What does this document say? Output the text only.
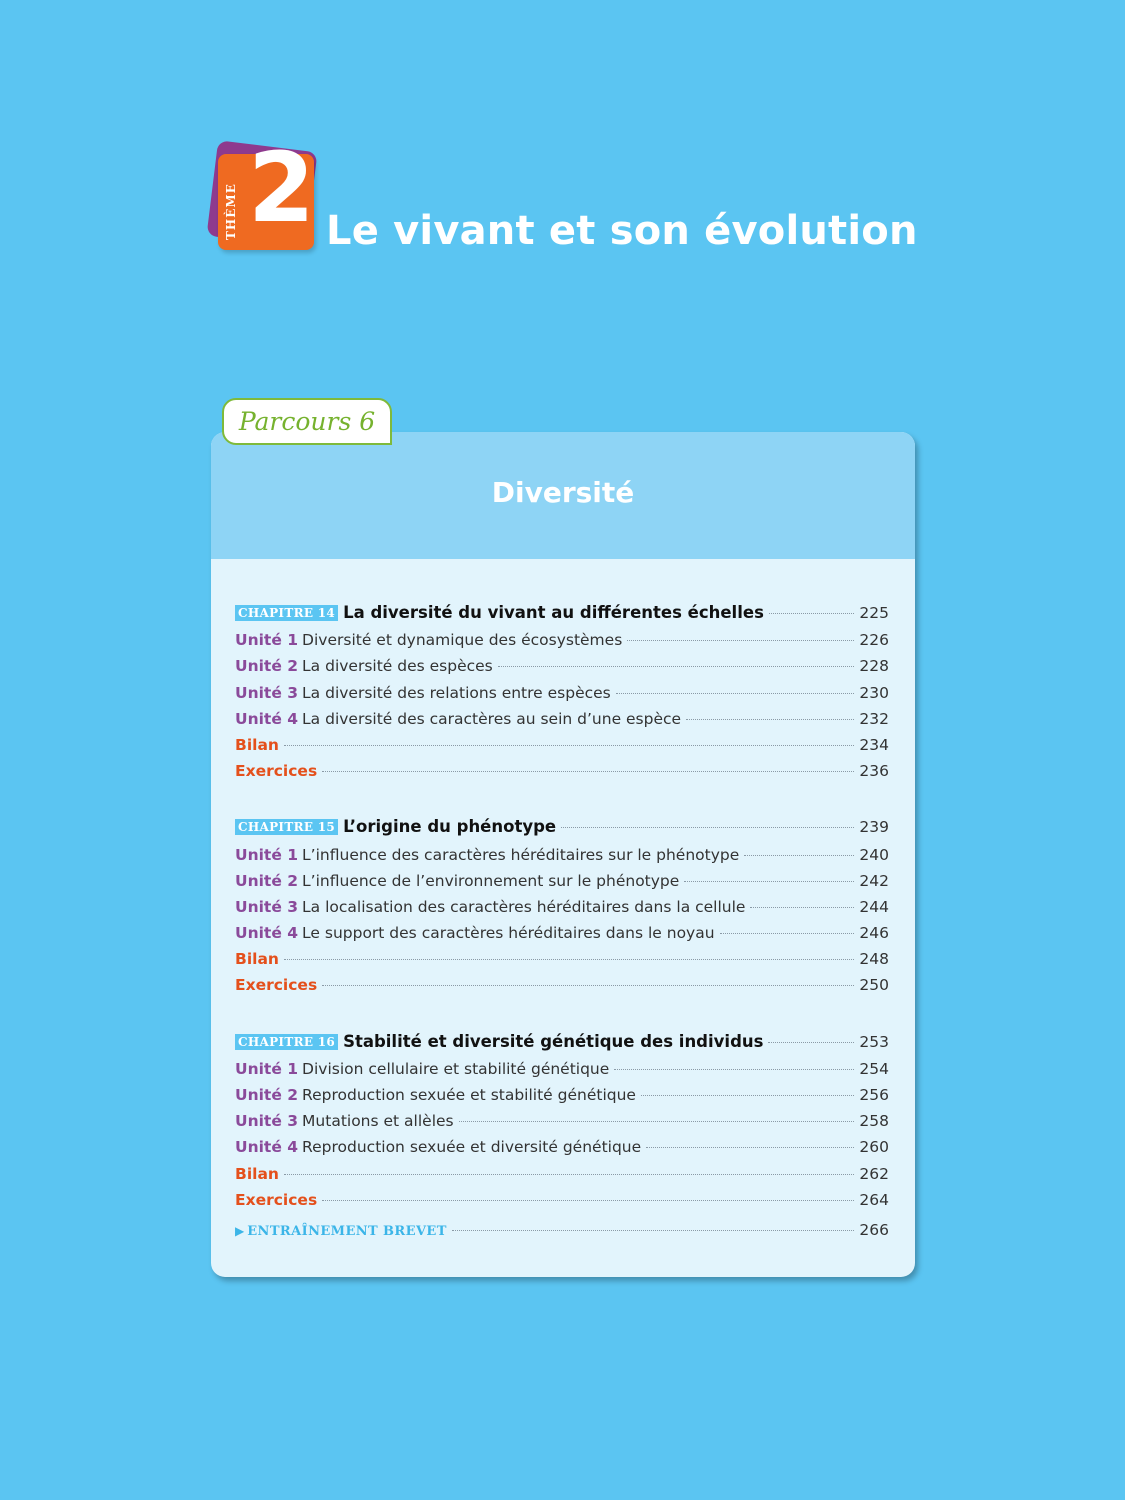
THÈME 2 Le vivant et son évolution
Parcours 6
Diversité
CHAPITRE 14 La diversité du vivant au différentes échelles	225
Unité 1 Diversité et dynamique des écosystèmes	226
Unité 2 La diversité des espèces	228
Unité 3 La diversité des relations entre espèces	230
Unité 4 La diversité des caractères au sein d’une espèce	232
Bilan	234
Exercices	236
CHAPITRE 15 L’origine du phénotype	239
Unité 1 L’influence des caractères héréditaires sur le phénotype	240
Unité 2 L’influence de l’environnement sur le phénotype	242
Unité 3 La localisation des caractères héréditaires dans la cellule	244
Unité 4 Le support des caractères héréditaires dans le noyau	246
Bilan	248
Exercices	250
CHAPITRE 16 Stabilité et diversité génétique des individus	253
Unité 1 Division cellulaire et stabilité génétique	254
Unité 2 Reproduction sexuée et stabilité génétique	256
Unité 3 Mutations et allèles	258
Unité 4 Reproduction sexuée et diversité génétique	260
Bilan	262
Exercices	264
▶ ENTRAÎNEMENT BREVET	266
